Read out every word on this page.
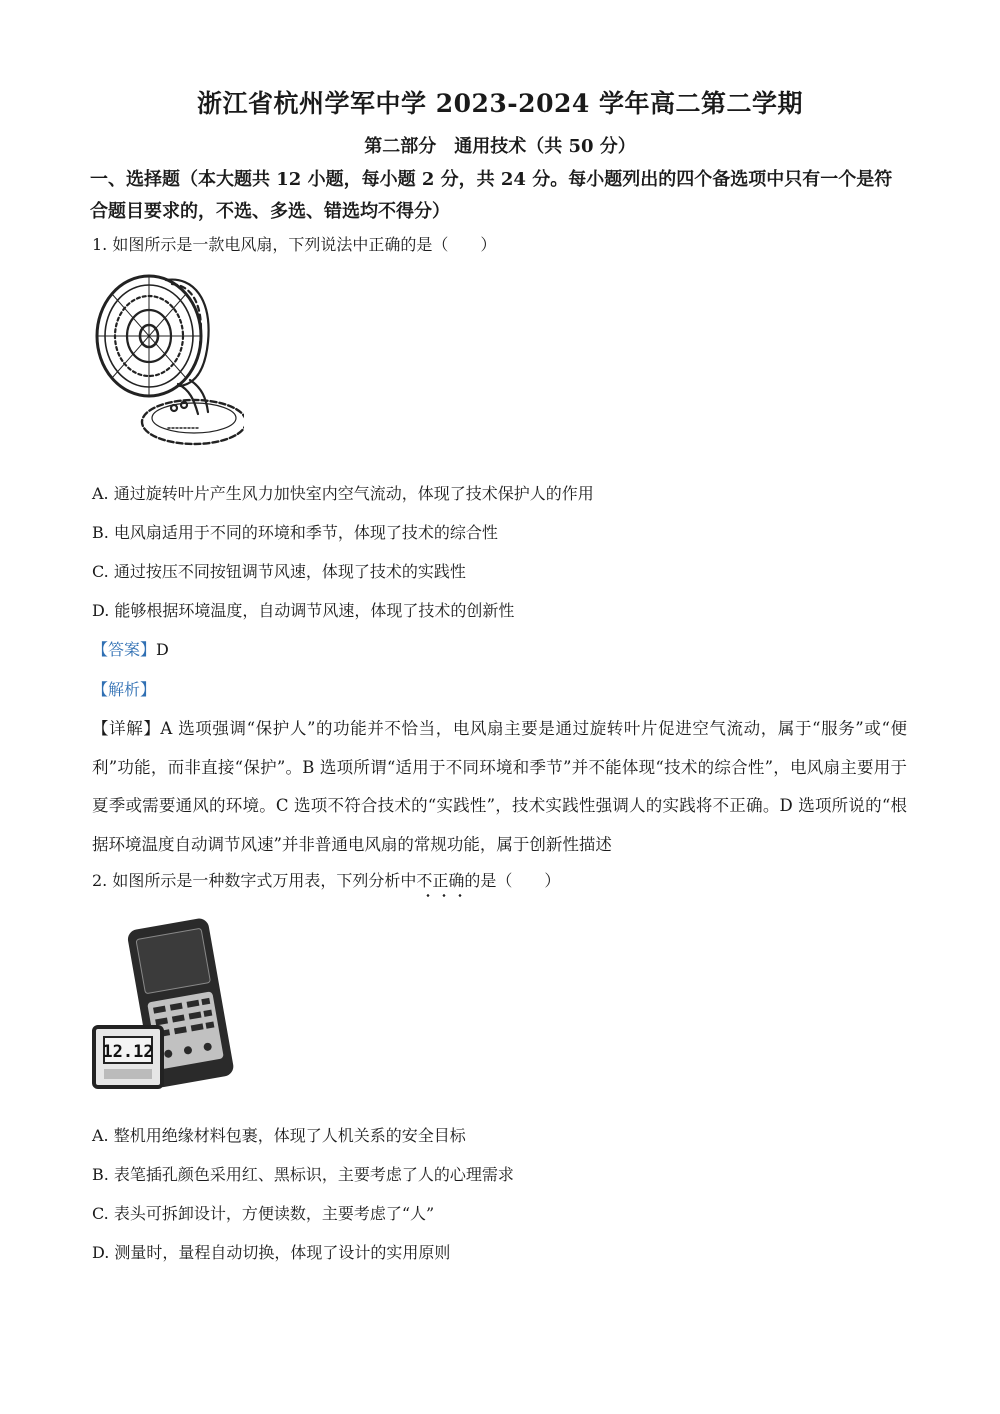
浙江省杭州学军中学 2023-2024 学年高二第二学期
第二部分　通用技术（共 50 分）
一、选择题（本大题共 12 小题，每小题 2 分，共 24 分。每小题列出的四个备选项中只有一个是符合题目要求的，不选、多选、错选均不得分）
1. 如图所示是一款电风扇，下列说法中正确的是（　　）
A. 通过旋转叶片产生风力加快室内空气流动，体现了技术保护人的作用
B. 电风扇适用于不同的环境和季节，体现了技术的综合性
C. 通过按压不同按钮调节风速，体现了技术的实践性
D. 能够根据环境温度，自动调节风速，体现了技术的创新性
【答案】D
【解析】
【详解】A 选项强调“保护人”的功能并不恰当，电风扇主要是通过旋转叶片促进空气流动，属于“服务”或“便利”功能，而非直接“保护”。B 选项所谓“适用于不同环境和季节”并不能体现“技术的综合性”，电风扇主要用于夏季或需要通风的环境。C 选项不符合技术的“实践性”，技术实践性强调人的实践将不正确。D 选项所说的“根据环境温度自动调节风速”并非普通电风扇的常规功能，属于创新性描述
2. 如图所示是一种数字式万用表，下列分析中不正确的是（　　）
12.12
A. 整机用绝缘材料包裹，体现了人机关系的安全目标
B. 表笔插孔颜色采用红、黑标识，主要考虑了人的心理需求
C. 表头可拆卸设计，方便读数，主要考虑了“人”
D. 测量时，量程自动切换，体现了设计的实用原则
